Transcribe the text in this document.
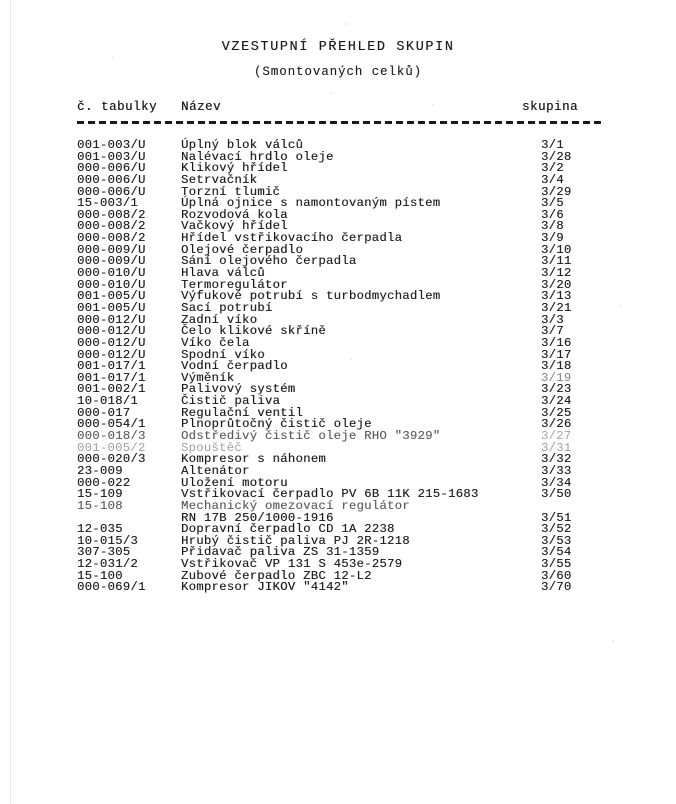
VZESTUPNÍ PŘEHLED SKUPIN
(Smontovaných celků)
č. tabulky Název	skupina
001-003/U	Úplný blok válců	3/1
001-003/U	Nalévací hrdlo oleje	3/28
000-006/U	Klikový hřídel	3/2
000-006/U	Setrvačník	3/4
000-006/U	Torzní tlumič	3/29
15-003/1	Úplná ojnice s namontovaným pístem	3/5
000-008/2	Rozvodová kola	3/6
000-008/2	Vačkový hřídel	3/8
000-008/2	Hřídel vstřikovacího čerpadla	3/9
000-009/U	Olejové čerpadlo	3/10
000-009/U	Sání olejového čerpadla	3/11
000-010/U	Hlava válců	3/12
000-010/U	Termoregulátor	3/20
001-005/U	Výfukové potrubí s turbodmychadlem	3/13
001-005/U	Sací potrubí	3/21
000-012/U	Zadní víko	3/3
000-012/U	Čelo klikové skříně	3/7
000-012/U	Víko čela	3/16
000-012/U	Spodní víko	3/17
001-017/1	Vodní čerpadlo	3/18
001-017/1	Výměník	3/19
001-002/1	Palivový systém	3/23
10-018/1	Čistič paliva	3/24
000-017	Regulační ventil	3/25
000-054/1	Plnoprůtočný čistič oleje	3/26
000-018/3	Odstředivý čistič oleje RHO "3929"	3/27
001-005/2	Spouštěč	3/31
000-020/3	Kompresor s náhonem	3/32
23-009	Altenátor	3/33
000-022	Uložení motoru	3/34
15-109	Vstřikovací čerpadlo PV 6B 11K 215-1683	3/50
15-108	Mechanický omezovací regulátor
RN 17B 250/1000-1916	3/51
12-035	Dopravní čerpadlo CD 1A 2238	3/52
10-015/3	Hrubý čistič paliva PJ 2R-1218	3/53
307-305	Přidavač paliva ZS 31-1359	3/54
12-031/2	Vstřikovač VP 131 S 453e-2579	3/55
15-100	Zubové čerpadlo ZBC 12-L2	3/60
000-069/1	Kompresor JIKOV "4142"	3/70
